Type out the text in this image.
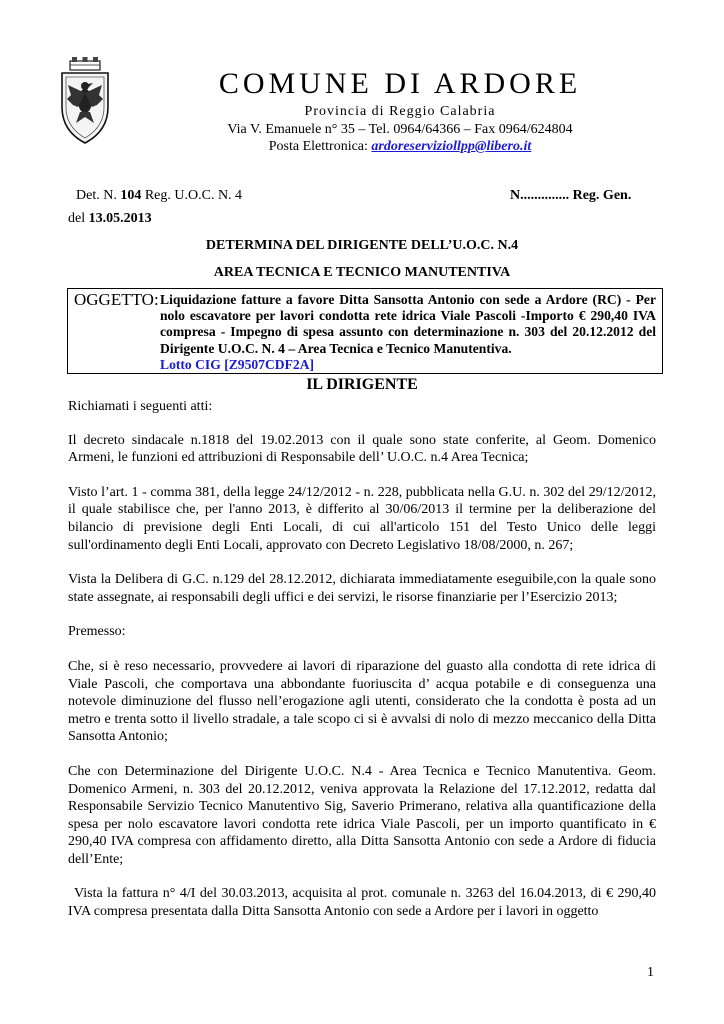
COMUNE DI ARDORE
Provincia di Reggio Calabria
Via V. Emanuele n° 35 – Tel. 0964/64366 – Fax 0964/624804
Posta Elettronica: ardoreserviziollpp@libero.it
Det. N. 104 Reg. U.O.C. N. 4	N.............. Reg. Gen.
del 13.05.2013
DETERMINA DEL DIRIGENTE DELL’U.O.C. N.4
AREA TECNICA E TECNICO MANUTENTIVA
OGGETTO: Liquidazione fatture a favore Ditta Sansotta Antonio con sede a Ardore (RC) - Per nolo escavatore per lavori condotta rete idrica Viale Pascoli -Importo € 290,40 IVA compresa - Impegno di spesa assunto con determinazione n. 303 del 20.12.2012 del Dirigente U.O.C. N. 4 – Area Tecnica e Tecnico Manutentiva.
Lotto CIG [Z9507CDF2A]
IL DIRIGENTE

Richiamati i seguenti atti:

Il decreto sindacale n.1818 del 19.02.2013 con il quale sono state conferite, al Geom. Domenico Armeni, le funzioni ed attribuzioni di Responsabile dell’ U.O.C. n.4 Area Tecnica;

Visto l’art. 1 - comma 381, della legge 24/12/2012 - n. 228, pubblicata nella G.U. n. 302 del 29/12/2012, il quale stabilisce che, per l'anno 2013, è differito al 30/06/2013 il termine per la deliberazione del bilancio di previsione degli Enti Locali, di cui all'articolo 151 del Testo Unico delle leggi sull'ordinamento degli Enti Locali, approvato con Decreto Legislativo 18/08/2000, n. 267;

Vista la Delibera di G.C. n.129 del 28.12.2012, dichiarata immediatamente eseguibile,con la quale sono state assegnate, ai responsabili degli uffici e dei servizi, le risorse finanziarie per l’Esercizio 2013;

Premesso:

Che, si è reso necessario, provvedere ai lavori di riparazione del guasto alla condotta di rete idrica di Viale Pascoli, che comportava una abbondante fuoriuscita d’ acqua potabile e di conseguenza una notevole diminuzione del flusso nell’erogazione agli utenti, considerato che la condotta è posta ad un metro e trenta sotto il livello stradale, a tale scopo ci si è avvalsi di nolo di mezzo meccanico della Ditta Sansotta Antonio;

Che con Determinazione del Dirigente U.O.C. N.4 - Area Tecnica e Tecnico Manutentiva. Geom. Domenico Armeni, n. 303 del 20.12.2012, veniva approvata la Relazione del 17.12.2012, redatta dal Responsabile Servizio Tecnico Manutentivo Sig, Saverio Primerano, relativa alla quantificazione della spesa per nolo escavatore lavori condotta rete idrica Viale Pascoli, per un importo quantificato in € 290,40 IVA compresa con affidamento diretto, alla Ditta Sansotta Antonio con sede a Ardore di fiducia dell’Ente;

Vista la fattura n° 4/I del 30.03.2013, acquisita al prot. comunale n. 3263 del 16.04.2013, di € 290,40 IVA compresa presentata dalla Ditta Sansotta Antonio con sede a Ardore per i lavori in oggetto

1
